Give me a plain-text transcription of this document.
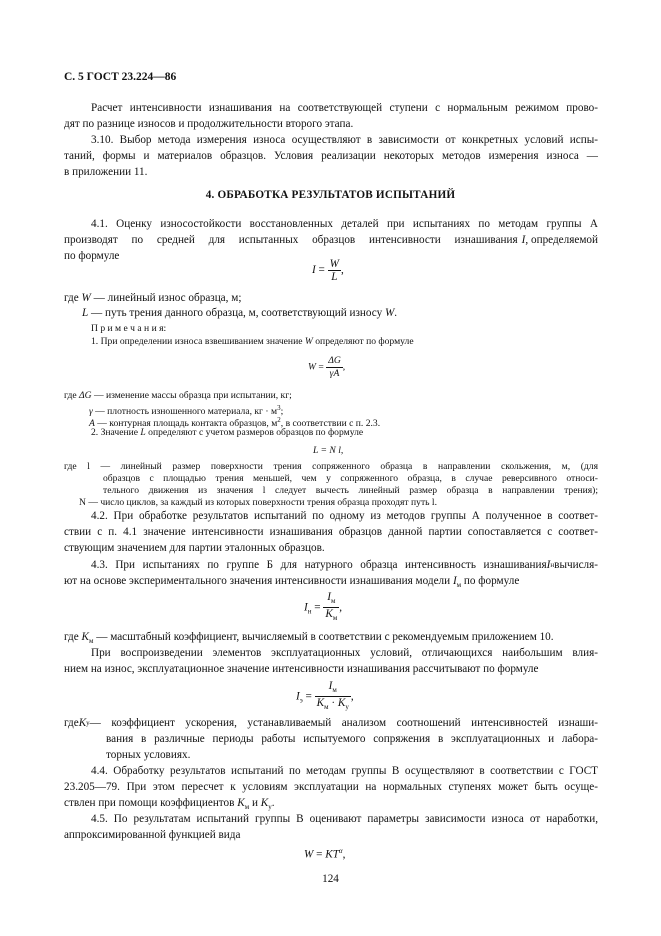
С. 5 ГОСТ 23.224—86
Расчет интенсивности изнашивания на соответствующей ступени с нормальным режимом прово-
дят по разнице износов и продолжительности второго этапа.
3.10. Выбор метода измерения износа осуществляют в зависимости от конкретных условий испы-
таний, формы и материалов образцов. Условия реализации некоторых методов измерения износа —
в приложении 11.
4. ОБРАБОТКА РЕЗУЛЬТАТОВ ИСПЫТАНИЙ
4.1. Оценку износостойкости восстановленных деталей при испытаниях по методам группы А
производят по средней для испытанных образцов интенсивности изнашивания I , определяемой
по формуле
$I = \frac{W}{L}$ ,
где W — линейный износ образца, м;
L — путь трения данного образца, м, соответствующий износу W.
П р и м е ч а н и я:
1. При определении износа взвешиванием значение W определяют по формуле
$W = \frac{\Delta G}{\gamma A}$ ,
где ΔG — изменение массы образца при испытании, кг;
γ — плотность изношенного материала, кг · $м^3$;
A — контурная площадь контакта образцов, $м^2$, в соответствии с п. 2.3.
2. Значение L определяют с учетом размеров образцов по формуле
L = N l,
где l — линейный размер поверхности трения сопряженного образца в направлении скольжения, м, (для
образцов с площадью трения меньшей, чем у сопряженного образца, в случае реверсивного относи-
тельного движения из значения l следует вычесть линейный размер образца в направлении трения);
N — число циклов, за каждый из которых поверхности трения образца проходят путь l.
4.2. При обработке результатов испытаний по одному из методов группы А полученное в соответ-
ствии с п. 4.1 значение интенсивности изнашивания образцов данной партии сопоставляется с соответ-
ствующим значением для партии эталонных образцов.
4.3. При испытаниях по группе Б для натурного образца интенсивность изнашивания I н вычисля-
ют на основе экспериментального значения интенсивности изнашивания модели $I_м$ по формуле
$I_н = \frac{I_м}{K_м}$ ,
где $K_м$ — масштабный коэффициент, вычисляемый в соответствии с рекомендуемым приложением 10.
При воспроизведении элементов эксплуатационных условий, отличающихся наибольшим влия-
нием на износ, эксплуатационное значение интенсивности изнашивания рассчитывают по формуле
$I_э = \frac{I_м}{K_м \cdot K_у}$ ,
где K у — коэффициент ускорения, устанавливаемый анализом соотношений интенсивностей изнаши-
вания в различные периоды работы испытуемого сопряжения в эксплуатационных и лабора-
торных условиях.
4.4. Обработку результатов испытаний по методам группы В осуществляют в соответствии с ГОСТ
23.205—79. При этом пересчет к условиям эксплуатации на нормальных ступенях может быть осуще-
ствлен при помощи коэффициентов $K_м$ и $K_у$.
4.5. По результатам испытаний группы В оценивают параметры зависимости износа от наработки,
аппроксимированной функцией вида
$W = KT^\alpha$,
124
